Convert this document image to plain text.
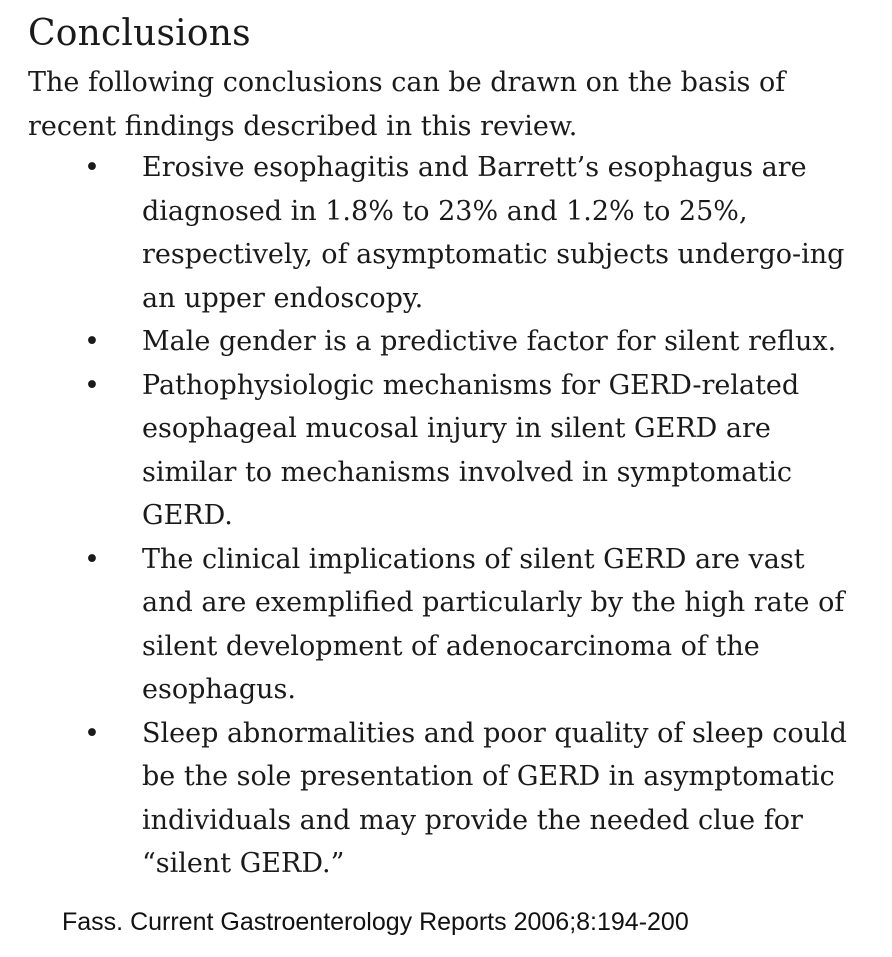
Conclusions

The following conclusions can be drawn on the basis of recent findings described in this review.

• Erosive esophagitis and Barrett’s esophagus are diagnosed in 1.8% to 23% and 1.2% to 25%, respectively, of asymptomatic subjects undergo-ing an upper endoscopy.
• Male gender is a predictive factor for silent reflux.
• Pathophysiologic mechanisms for GERD-related esophageal mucosal injury in silent GERD are similar to mechanisms involved in symptomatic GERD.
• The clinical implications of silent GERD are vast and are exemplified particularly by the high rate of silent development of adenocarcinoma of the esophagus.
• Sleep abnormalities and poor quality of sleep could be the sole presentation of GERD in asymptomatic individuals and may provide the needed clue for “silent GERD.”

Fass. Current Gastroenterology Reports 2006;8:194-200
